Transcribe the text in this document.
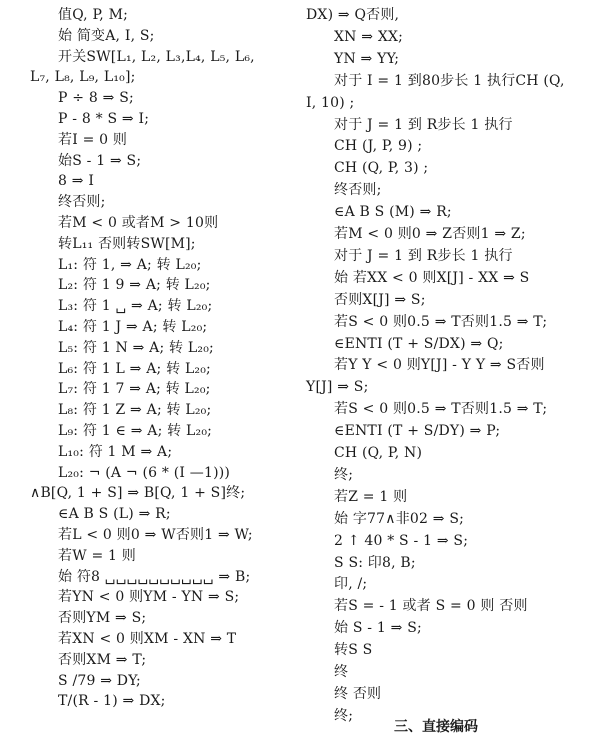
值Q, P, M;
始 简变A, I, S;
开关SW[L₁, L₂, L₃,L₄, L₅, L₆,
L₇, L₈, L₉, L₁₀];
P ÷ 8 ⇒ S;
P - 8 * S ⇒ I;
若I = 0 则
始S - 1 ⇒ S;
8 ⇒ I
终否则;
若M < 0 或者M > 10则
转L₁₁ 否则转SW[M];
L₁: 符 1, ⇒ A; 转 L₂₀;
L₂: 符 1 9 ⇒ A; 转 L₂₀;
L₃: 符 1 ␣ ⇒ A; 转 L₂₀;
L₄: 符 1 J ⇒ A; 转 L₂₀;
L₅: 符 1 N ⇒ A; 转 L₂₀;
L₆: 符 1 L ⇒ A; 转 L₂₀;
L₇: 符 1 7 ⇒ A; 转 L₂₀;
L₈: 符 1 Z ⇒ A; 转 L₂₀;
L₉: 符 1 ∈ ⇒ A; 转 L₂₀;
L₁₀: 符 1 M ⇒ A;
L₂₀: ¬ (A ¬ (6 * (I —1)))
∧B[Q, 1 + S] ⇒ B[Q, 1 + S]终;
∈A B S (L) ⇒ R;
若L < 0 则0 ⇒ W否则1 ⇒ W;
若W = 1 则
始 符8 ␣␣␣␣␣␣␣␣␣␣ ⇒ B;
若YN < 0 则YM - YN ⇒ S;
否则YM ⇒ S;
若XN < 0 则XM - XN ⇒ T
否则XM ⇒ T;
S /79 ⇒ DY;
T/(R - 1) ⇒ DX;
DX) ⇒ Q否则,
XN ⇒ XX;
YN ⇒ YY;
对于 I = 1 到80步长 1 执行CH (Q,
I, 10) ;
对于 J = 1 到 R步长 1 执行
CH (J, P, 9) ;
CH (Q, P, 3) ;
终否则;
∈A B S (M) ⇒ R;
若M < 0 则0 ⇒ Z否则1 ⇒ Z;
对于 J = 1 到 R步长 1 执行
始 若XX < 0 则X[J] - XX ⇒ S
否则X[J] ⇒ S;
若S < 0 则0.5 ⇒ T否则1.5 ⇒ T;
∈ENTI (T + S/DX) ⇒ Q;
若Y Y < 0 则Y[J] - Y Y ⇒ S否则
Y[J] ⇒ S;
若S < 0 则0.5 ⇒ T否则1.5 ⇒ T;
∈ENTI (T + S/DY) ⇒ P;
CH (Q, P, N)
终;
若Z = 1 则
始 字77∧非02 ⇒ S;
2 ↑ 40 * S - 1 ⇒ S;
S S: 印8, B;
印, /;
若S = - 1 或者 S = 0 则 否则
始 S - 1 ⇒ S;
转S S
终
终 否则
终;
三、直接编码
